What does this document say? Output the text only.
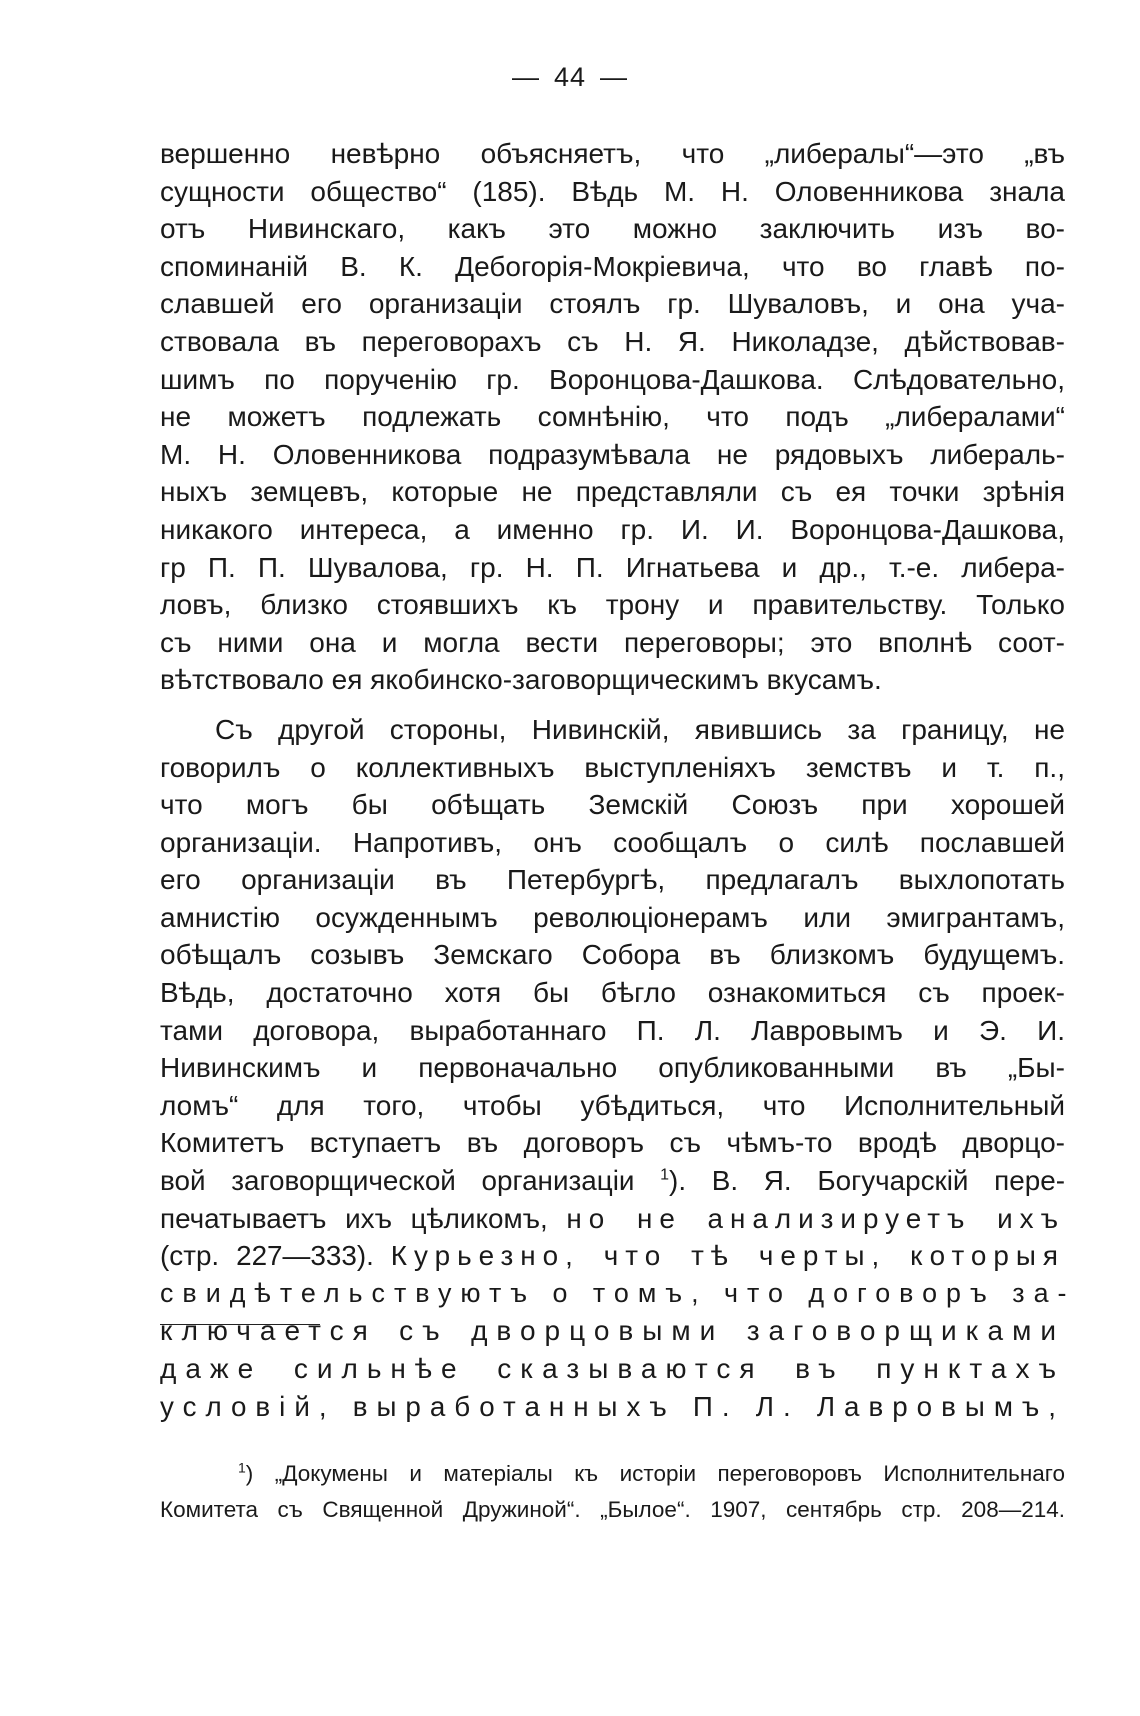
— 44 —
вершенно невѣрно объясняетъ, что „либералы“—это „въ
сущности общество“ (185). Вѣдь М. Н. Оловенникова знала
отъ Нивинскаго, какъ это можно заключить изъ во-
споминаній В. К. Дебогорія-Мокріевича, что во главѣ по-
славшей его организаціи стоялъ гр. Шуваловъ, и она уча-
ствовала въ переговорахъ съ Н. Я. Николадзе, дѣйствовав-
шимъ по порученію гр. Воронцова-Дашкова. Слѣдовательно,
не можетъ подлежать сомнѣнію, что подъ „либералами“
М. Н. Оловенникова подразумѣвала не рядовыхъ либераль-
ныхъ земцевъ, которые не представляли съ ея точки зрѣнія
никакого интереса, а именно гр. И. И. Воронцова-Дашкова,
гр П. П. Шувалова, гр. Н. П. Игнатьева и др., т.-е. либера-
ловъ, близко стоявшихъ къ трону и правительству. Только
съ ними она и могла вести переговоры; это вполнѣ соот-
вѣтствовало ея якобинско-заговорщическимъ вкусамъ.
Съ другой стороны, Нивинскій, явившись за границу, не
говорилъ о коллективныхъ выступленіяхъ земствъ и т. п.,
что могъ бы обѣщать Земскій Союзъ при хорошей
организаціи. Напротивъ, онъ сообщалъ о силѣ пославшей
его организаціи въ Петербургѣ, предлагалъ выхлопотать
амнистію осужденнымъ революціонерамъ или эмигрантамъ,
обѣщалъ созывъ Земскаго Собора въ близкомъ будущемъ.
Вѣдь, достаточно хотя бы бѣгло ознакомиться съ проек-
тами договора, выработаннаго П. Л. Лавровымъ и Э. И.
Нивинскимъ и первоначально опубликованными въ „Бы-
ломъ“ для того, чтобы убѣдиться, что Исполнительный
Комитетъ вступаетъ въ договоръ съ чѣмъ-то вродѣ дворцо-
вой заговорщической организаціи $^1$). В. Я. Богучарскій пере-
печатываетъ ихъ цѣликомъ, но не анализируетъ ихъ
(стр. 227—333). Курьезно, что тѣ черты, которыя
свидѣтельствуютъ о томъ, что договоръ за-
ключается съ дворцовыми заговорщиками
даже сильнѣе сказываются въ пунктахъ
условій, выработанныхъ П. Л. Лавровымъ,
$^1$) „Докумены и матеріалы къ исторіи переговоровъ Исполнительнаго
Комитета съ Священной Дружиной“. „Былое“. 1907, сентябрь стр. 208—214.
